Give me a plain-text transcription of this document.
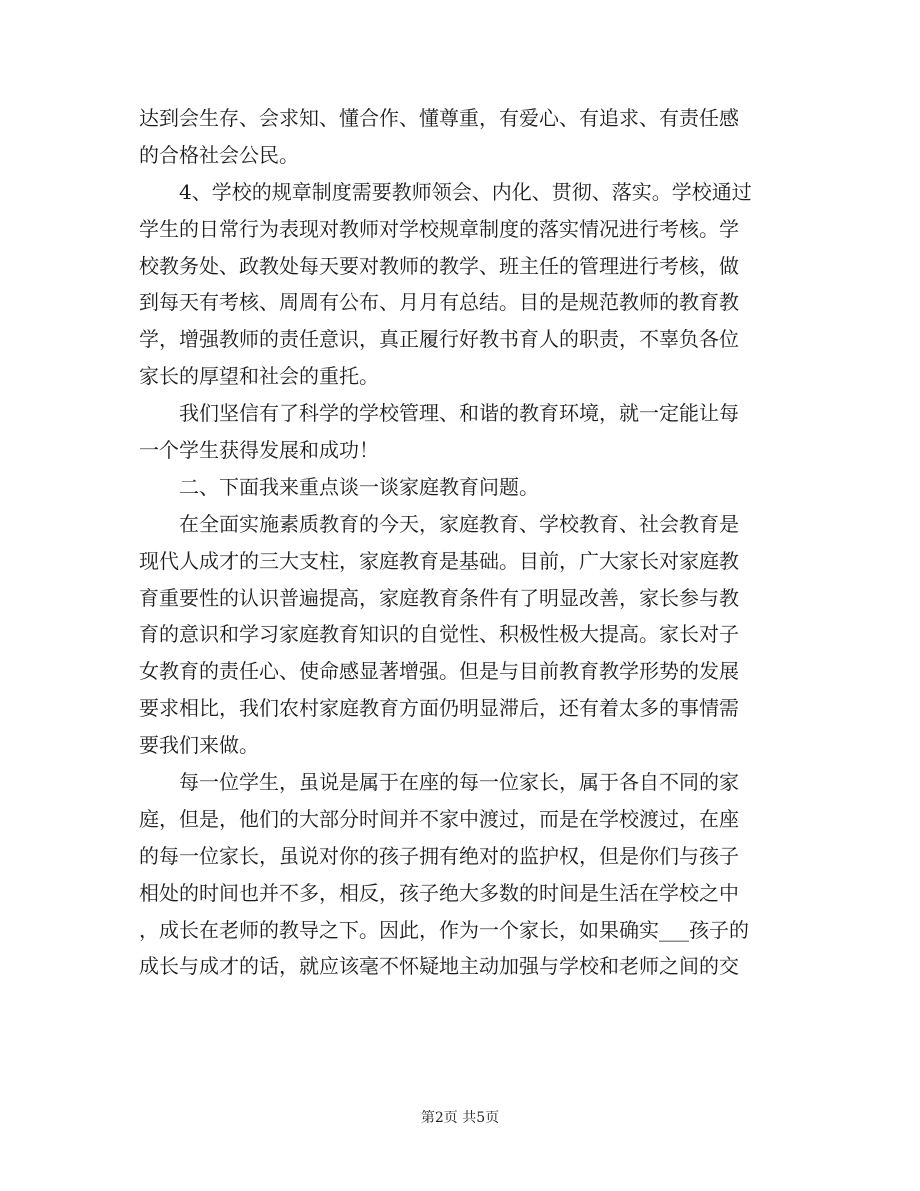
达到会生存、会求知、懂合作、懂尊重，有爱心、有追求、有责任感
的合格社会公民。
　　4、学校的规章制度需要教师领会、内化、贯彻、落实。学校通过
学生的日常行为表现对教师对学校规章制度的落实情况进行考核。学
校教务处、政教处每天要对教师的教学、班主任的管理进行考核，做
到每天有考核、周周有公布、月月有总结。目的是规范教师的教育教
学，增强教师的责任意识，真正履行好教书育人的职责，不辜负各位
家长的厚望和社会的重托。
　　我们坚信有了科学的学校管理、和谐的教育环境，就一定能让每
一个学生获得发展和成功！
　　二、下面我来重点谈一谈家庭教育问题。
　　在全面实施素质教育的今天，家庭教育、学校教育、社会教育是
现代人成才的三大支柱，家庭教育是基础。目前，广大家长对家庭教
育重要性的认识普遍提高，家庭教育条件有了明显改善，家长参与教
育的意识和学习家庭教育知识的自觉性、积极性极大提高。家长对子
女教育的责任心、使命感显著增强。但是与目前教育教学形势的发展
要求相比，我们农村家庭教育方面仍明显滞后，还有着太多的事情需
要我们来做。
　　每一位学生，虽说是属于在座的每一位家长，属于各自不同的家
庭，但是，他们的大部分时间并不家中渡过，而是在学校渡过，在座
的每一位家长，虽说对你的孩子拥有绝对的监护权，但是你们与孩子
相处的时间也并不多，相反，孩子绝大多数的时间是生活在学校之中
，成长在老师的教导之下。因此，作为一个家长，如果确实___孩子的
成长与成才的话，就应该毫不怀疑地主动加强与学校和老师之间的交
第2页 共5页
